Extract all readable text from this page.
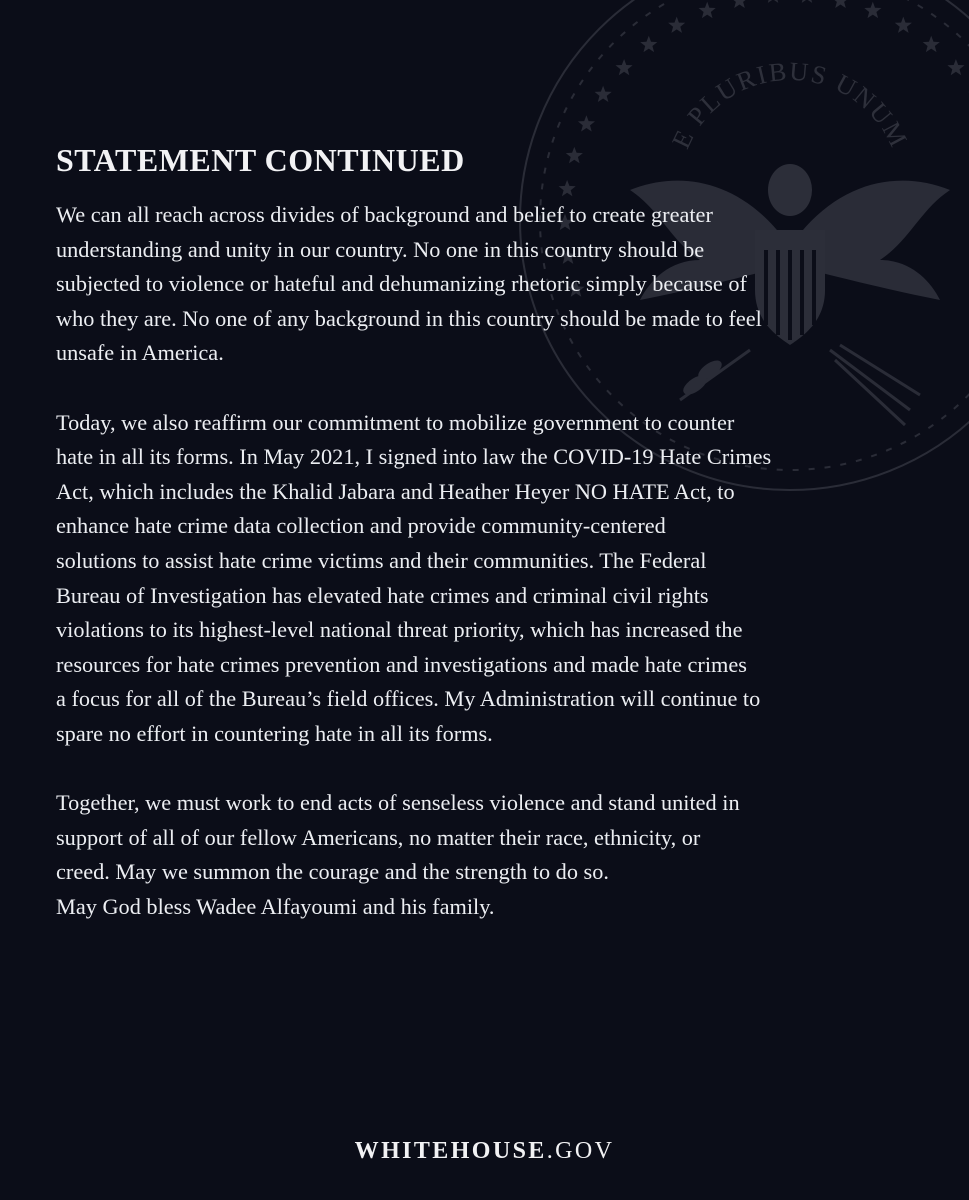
E PLURIBUS UNUM
STATEMENT CONTINUED

We can all reach across divides of background and belief to create greater
understanding and unity in our country. No one in this country should be
subjected to violence or hateful and dehumanizing rhetoric simply because of
who they are. No one of any background in this country should be made to feel
unsafe in America.

Today, we also reaffirm our commitment to mobilize government to counter
hate in all its forms. In May 2021, I signed into law the COVID-19 Hate Crimes
Act, which includes the Khalid Jabara and Heather Heyer NO HATE Act, to
enhance hate crime data collection and provide community-centered
solutions to assist hate crime victims and their communities. The Federal
Bureau of Investigation has elevated hate crimes and criminal civil rights
violations to its highest-level national threat priority, which has increased the
resources for hate crimes prevention and investigations and made hate crimes
a focus for all of the Bureau’s field offices. My Administration will continue to
spare no effort in countering hate in all its forms.

Together, we must work to end acts of senseless violence and stand united in
support of all of our fellow Americans, no matter their race, ethnicity, or
creed. May we summon the courage and the strength to do so.
May God bless Wadee Alfayoumi and his family.

WHITEHOUSE.GOV
